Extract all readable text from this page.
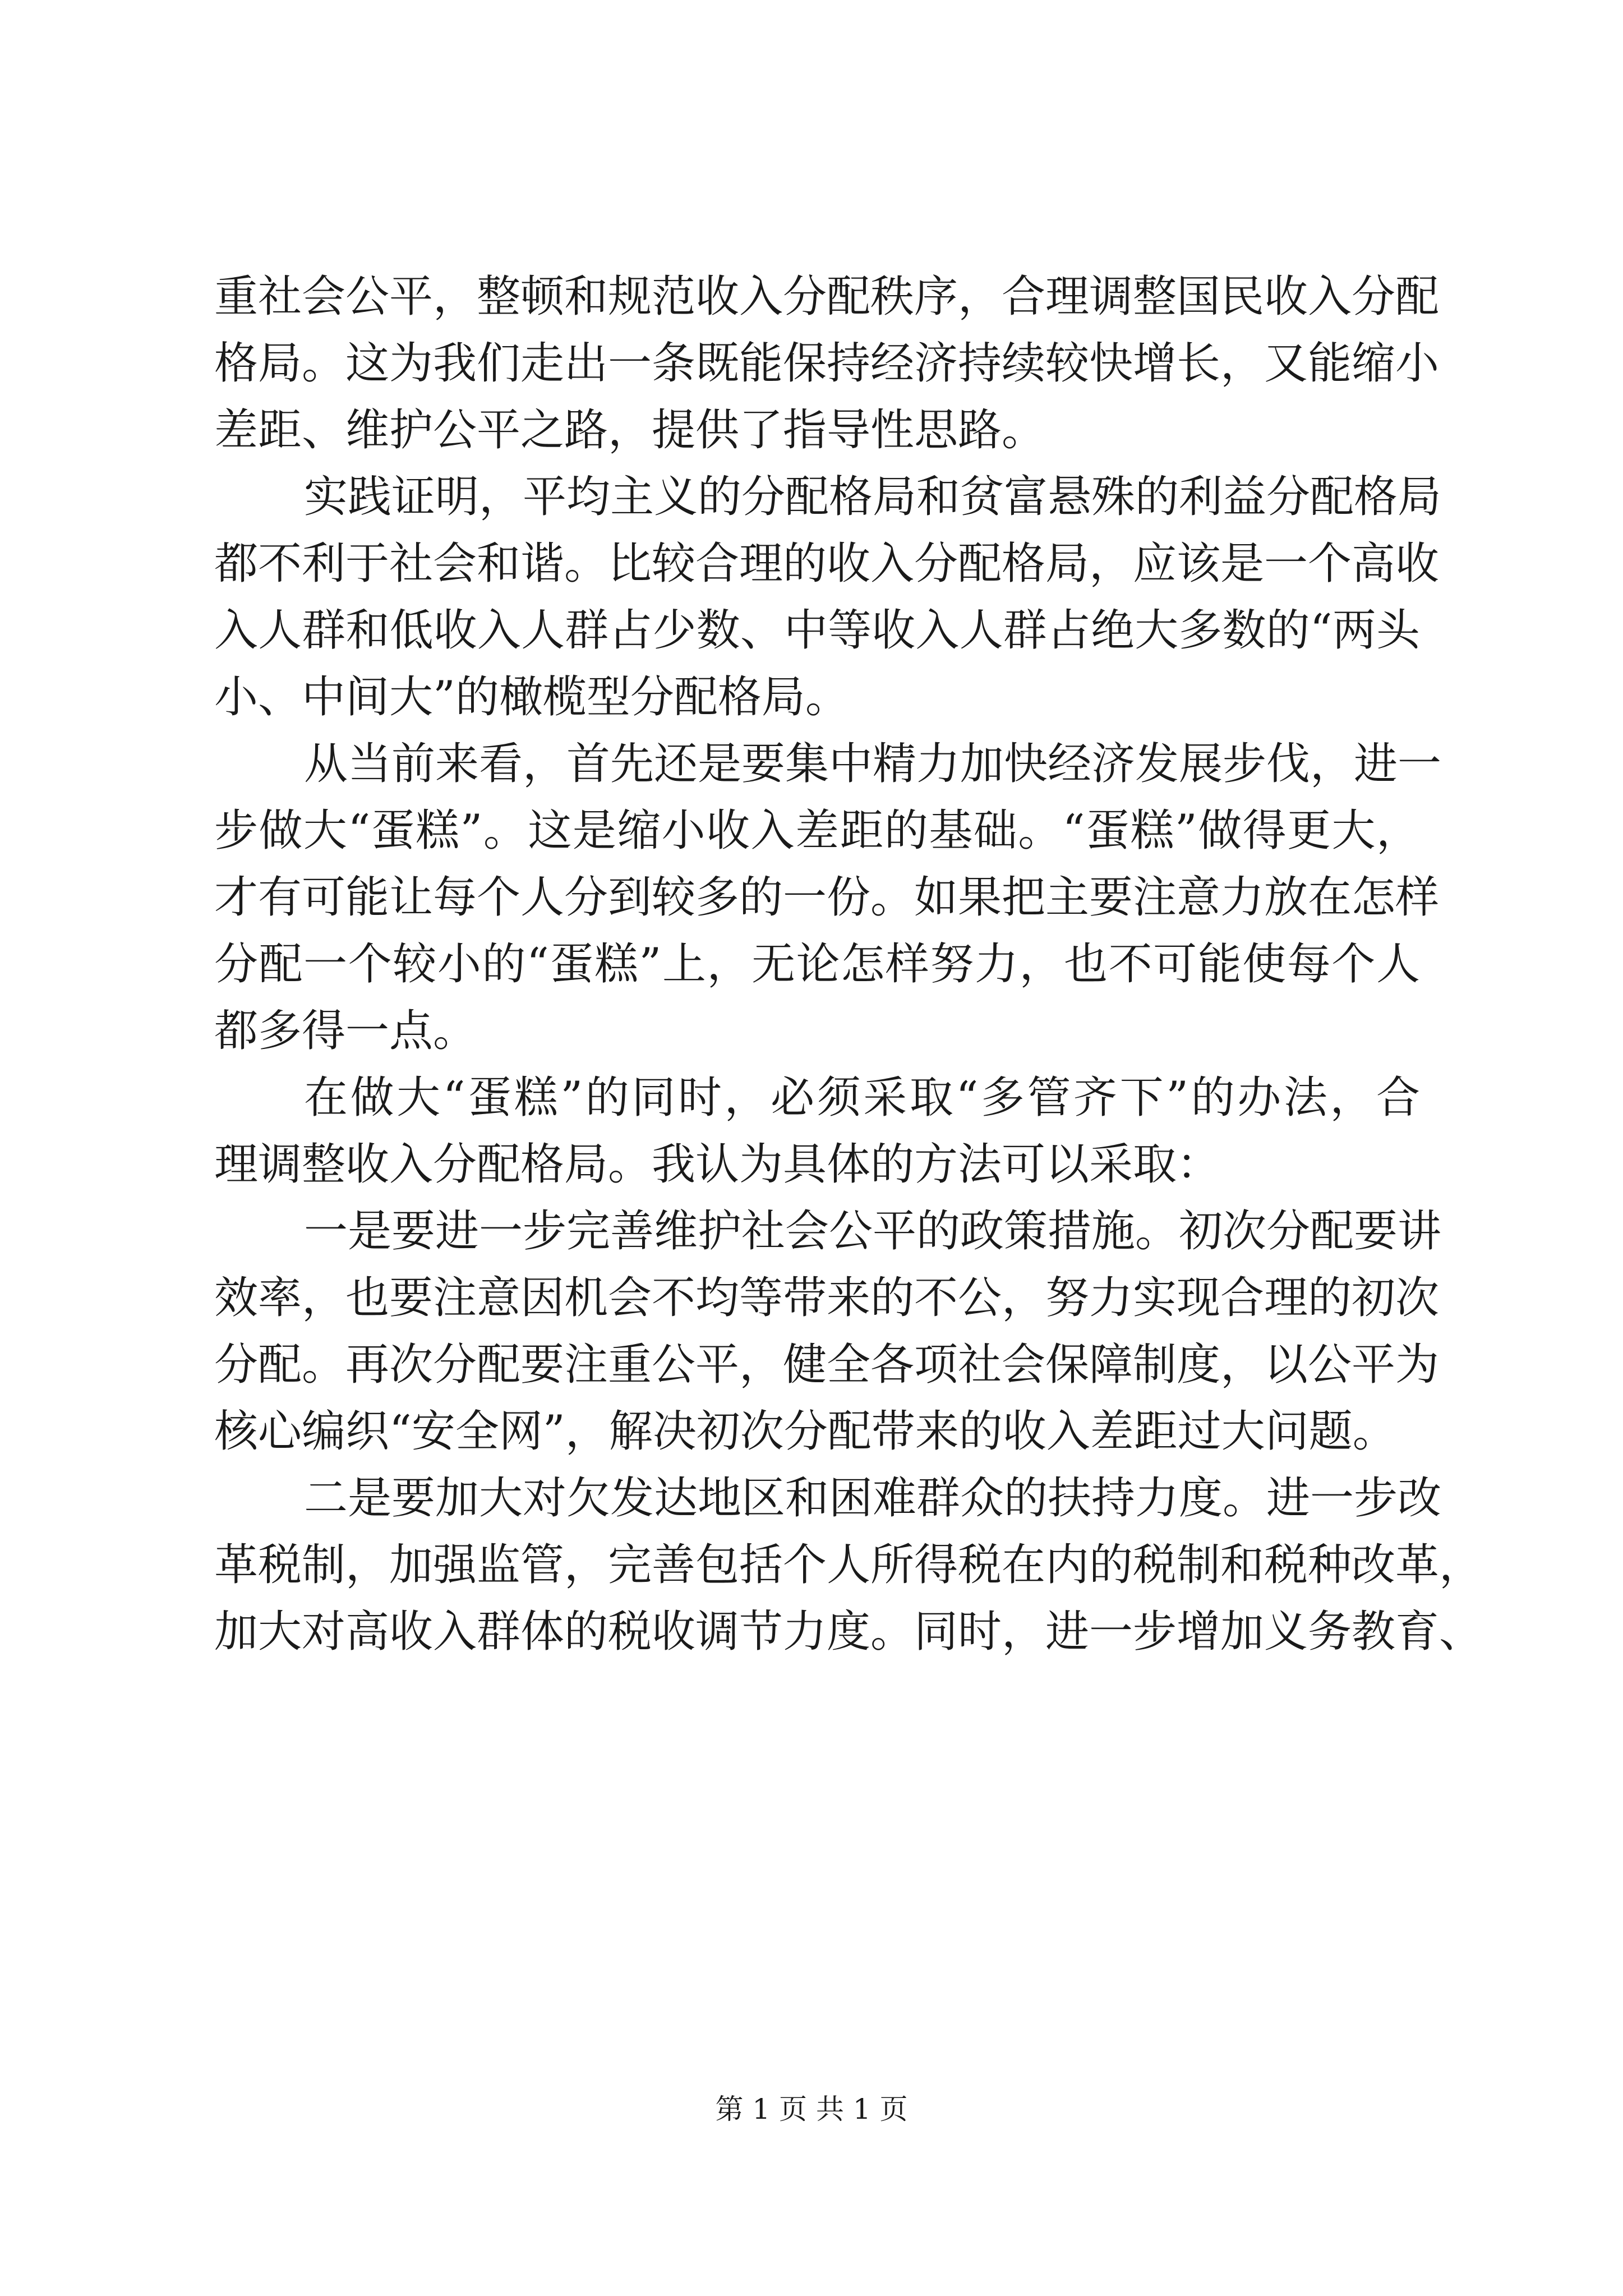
重社会公平，整顿和规范收入分配秩序，合理调整国民收入分配
格局。这为我们走出一条既能保持经济持续较快增长，又能缩小
差距、维护公平之路，提供了指导性思路。
实践证明，平均主义的分配格局和贫富悬殊的利益分配格局
都不利于社会和谐。比较合理的收入分配格局，应该是一个高收
入人群和低收入人群占少数、中等收入人群占绝大多数的“两头
小、中间大”的橄榄型分配格局。
从当前来看，首先还是要集中精力加快经济发展步伐，进一
步做大“蛋糕”。这是缩小收入差距的基础。“蛋糕”做得更大，
才有可能让每个人分到较多的一份。如果把主要注意力放在怎样
分配一个较小的“蛋糕”上，无论怎样努力，也不可能使每个人
都多得一点。
在做大“蛋糕”的同时，必须采取“多管齐下”的办法，合
理调整收入分配格局。我认为具体的方法可以采取：
一是要进一步完善维护社会公平的政策措施。初次分配要讲
效率，也要注意因机会不均等带来的不公，努力实现合理的初次
分配。再次分配要注重公平，健全各项社会保障制度，以公平为
核心编织“安全网”，解决初次分配带来的收入差距过大问题。
二是要加大对欠发达地区和困难群众的扶持力度。进一步改
革税制，加强监管，完善包括个人所得税在内的税制和税种改革，
加大对高收入群体的税收调节力度。同时，进一步增加义务教育、
第 1 页 共 1 页
